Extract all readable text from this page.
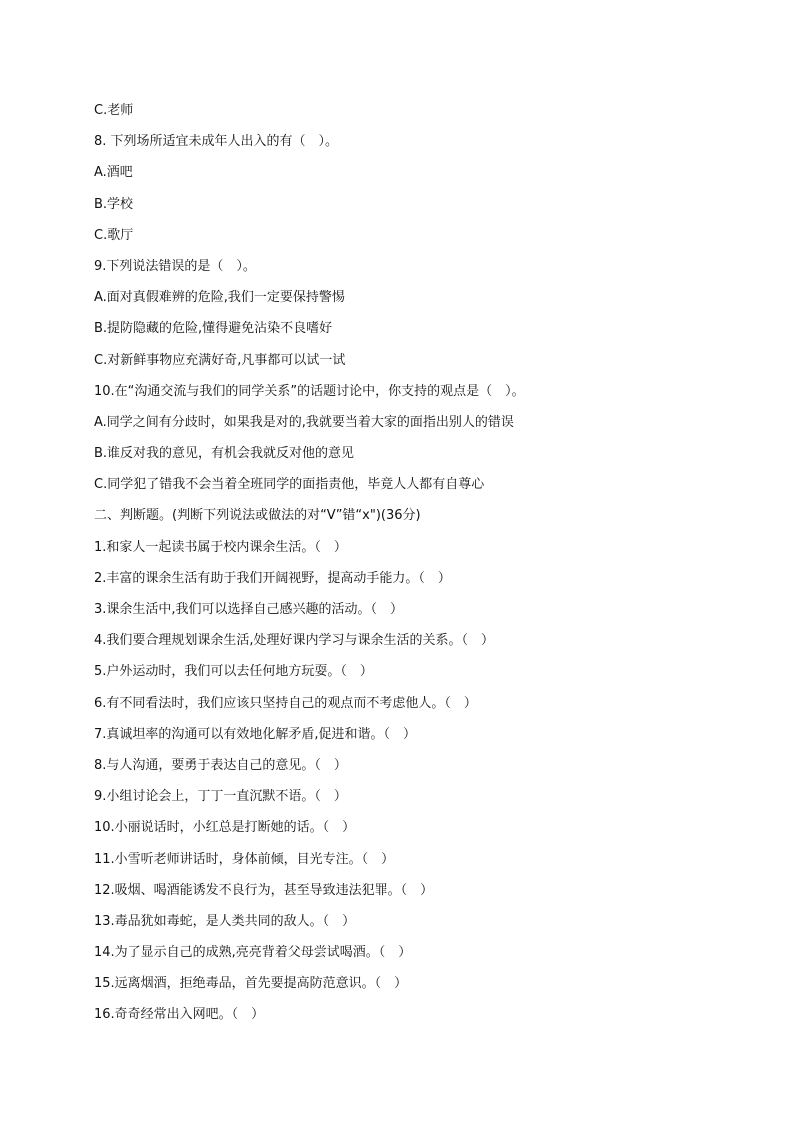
C.老师
8. 下列场所适宜未成年人出入的有（　）。
A.酒吧
B.学校
C.歌厅
9.下列说法错误的是（　）。
A.面对真假难辨的危险,我们一定要保持警惕
B.提防隐藏的危险,懂得避免沾染不良嗜好
C.对新鲜事物应充满好奇,凡事都可以试一试
10.在“沟通交流与我们的同学关系”的话题讨论中，你支持的观点是（　）。
A.同学之间有分歧时，如果我是对的,我就要当着大家的面指出别人的错误
B.谁反对我的意见，有机会我就反对他的意见
C.同学犯了错我不会当着全班同学的面指责他，毕竟人人都有自尊心
二、判断题。(判断下列说法或做法的对“V”错“x")(36分)
1.和家人一起读书属于校内课余生活。（　）
2.丰富的课余生活有助于我们开阔视野，提高动手能力。（　）
3.课余生活中,我们可以选择自己感兴趣的活动。（　）
4.我们要合理规划课余生活,处理好课内学习与课余生活的关系。（　）
5.户外运动时，我们可以去任何地方玩耍。（　）
6.有不同看法时，我们应该只坚持自己的观点而不考虑他人。（　）
7.真诚坦率的沟通可以有效地化解矛盾,促进和谐。（　）
8.与人沟通，要勇于表达自己的意见。（　）
9.小组讨论会上，丁丁一直沉默不语。（　）
10.小丽说话时，小红总是打断她的话。（　）
11.小雪听老师讲话时，身体前倾，目光专注。（　）
12.吸烟、喝酒能诱发不良行为，甚至导致违法犯罪。（　）
13.毒品犹如毒蛇，是人类共同的敌人。（　）
14.为了显示自己的成熟,亮亮背着父母尝试喝酒。（　）
15.远离烟酒，拒绝毒品，首先要提高防范意识。（　）
16.奇奇经常出入网吧。（　）
